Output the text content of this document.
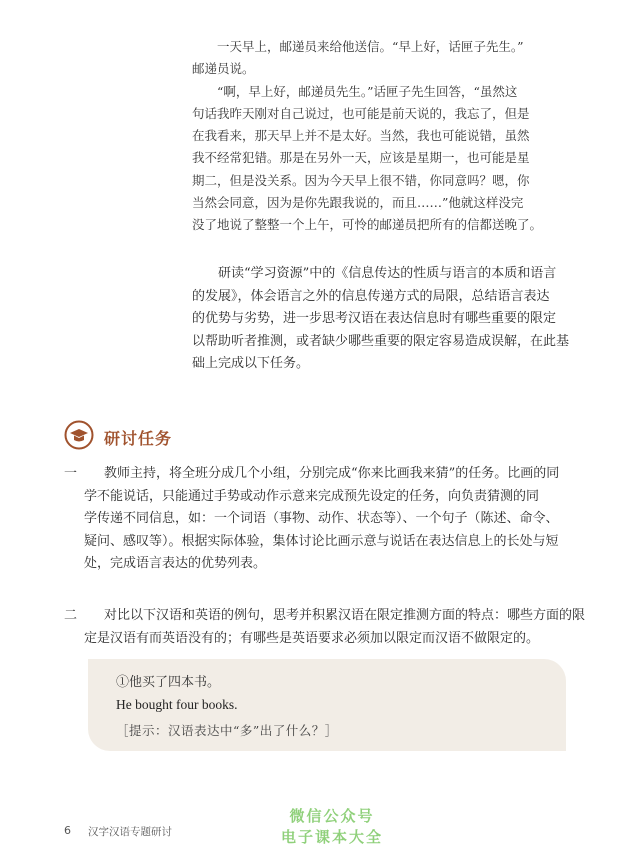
一天早上，邮递员来给他送信。“早上好，话匣子先生。”
邮递员说。

“啊，早上好，邮递员先生。”话匣子先生回答，“虽然这
句话我昨天刚对自己说过，也可能是前天说的，我忘了，但是
在我看来，那天早上并不是太好。当然，我也可能说错，虽然
我不经常犯错。那是在另外一天，应该是星期一，也可能是星
期二，但是没关系。因为今天早上很不错，你同意吗？嗯，你
当然会同意，因为是你先跟我说的，而且……”他就这样没完
没了地说了整整一个上午，可怜的邮递员把所有的信都送晚了。

研读“学习资源”中的《信息传达的性质与语言的本质和语言
的发展》，体会语言之外的信息传递方式的局限，总结语言表达
的优势与劣势，进一步思考汉语在表达信息时有哪些重要的限定
以帮助听者推测，或者缺少哪些重要的限定容易造成误解，在此基
础上完成以下任务。
研讨任务
一	教师主持，将全班分成几个小组，分别完成“你来比画我来猜”的任务。比画的同
学不能说话，只能通过手势或动作示意来完成预先设定的任务，向负责猜测的同
学传递不同信息，如：一个词语（事物、动作、状态等）、一个句子（陈述、命令、
疑问、感叹等）。根据实际体验，集体讨论比画示意与说话在表达信息上的长处与短
处，完成语言表达的优势列表。
二	对比以下汉语和英语的例句，思考并积累汉语在限定推测方面的特点：哪些方面的限
定是汉语有而英语没有的；有哪些是英语要求必须加以限定而汉语不做限定的。
①他买了四本书。
He bought four books.
［提示：汉语表达中“多”出了什么？］
6 汉字汉语专题研讨
微信公众号
电子课本大全
